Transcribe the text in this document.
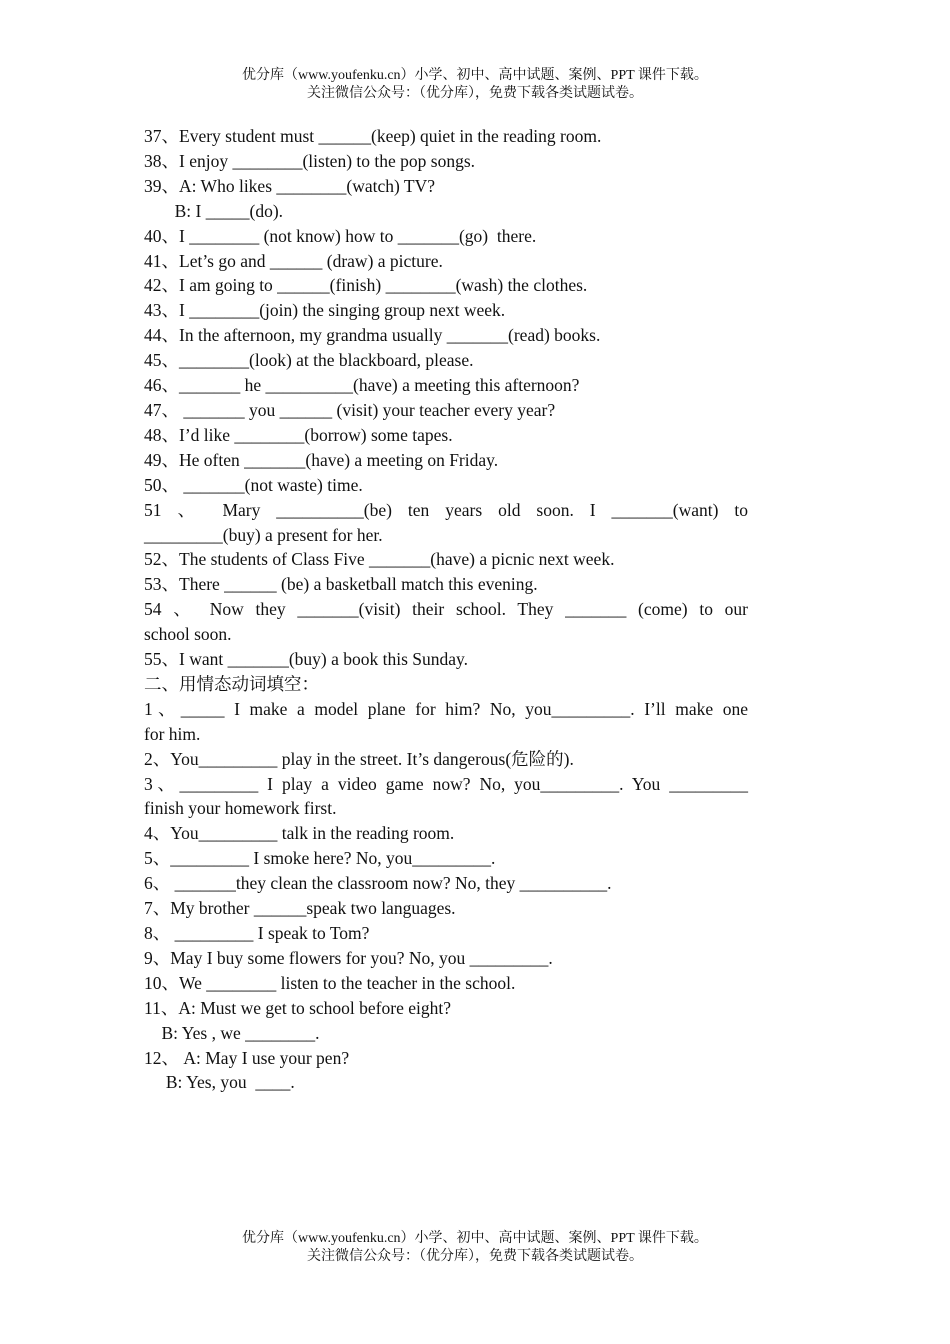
优分库（www.youfenku.cn）小学、初中、高中试题、案例、PPT 课件下载。
关注微信公众号：（优分库），免费下载各类试题试卷。
37、Every student must ______(keep) quiet in the reading room.
38、I enjoy ________(listen) to the pop songs.
39、A: Who likes ________(watch) TV?
B: I _____(do).
40、I ________ (not know) how to _______(go)  there.
41、Let’s go and ______ (draw) a picture.
42、I am going to ______(finish) ________(wash) the clothes.
43、I ________(join) the singing group next week.
44、In the afternoon, my grandma usually _______(read) books.
45、________(look) at the blackboard, please.
46、_______ he __________(have) a meeting this afternoon?
47、 _______ you ______ (visit) your teacher every year?
48、I’d like ________(borrow) some tapes.
49、He often _______(have) a meeting on Friday.
50、 _______(not waste) time.
51 、 Mary __________(be) ten years old soon. I _______(want) to
_________(buy) a present for her.
52、The students of Class Five _______(have) a picnic next week.
53、There ______ (be) a basketball match this evening.
54 、 Now they _______(visit) their school. They _______ (come) to our
school soon.
55、I want _______(buy) a book this Sunday.
二、用情态动词填空：
1、_____ I make a model plane for him? No, you_________. I’ll make one
for him.
2、You_________ play in the street. It’s dangerous(危险的).
3、_________ I play a video game now? No, you_________. You _________
finish your homework first.
4、You_________ talk in the reading room.
5、_________ I smoke here? No, you_________.
6、 _______they clean the classroom now? No, they __________.
7、My brother ______speak two languages.
8、 _________ I speak to Tom?
9、May I buy some flowers for you? No, you _________.
10、We ________ listen to the teacher in the school.
11、A: Must we get to school before eight?
B: Yes , we ________.
12、 A: May I use your pen?
B: Yes, you  ____.
优分库（www.youfenku.cn）小学、初中、高中试题、案例、PPT 课件下载。
关注微信公众号：（优分库），免费下载各类试题试卷。
